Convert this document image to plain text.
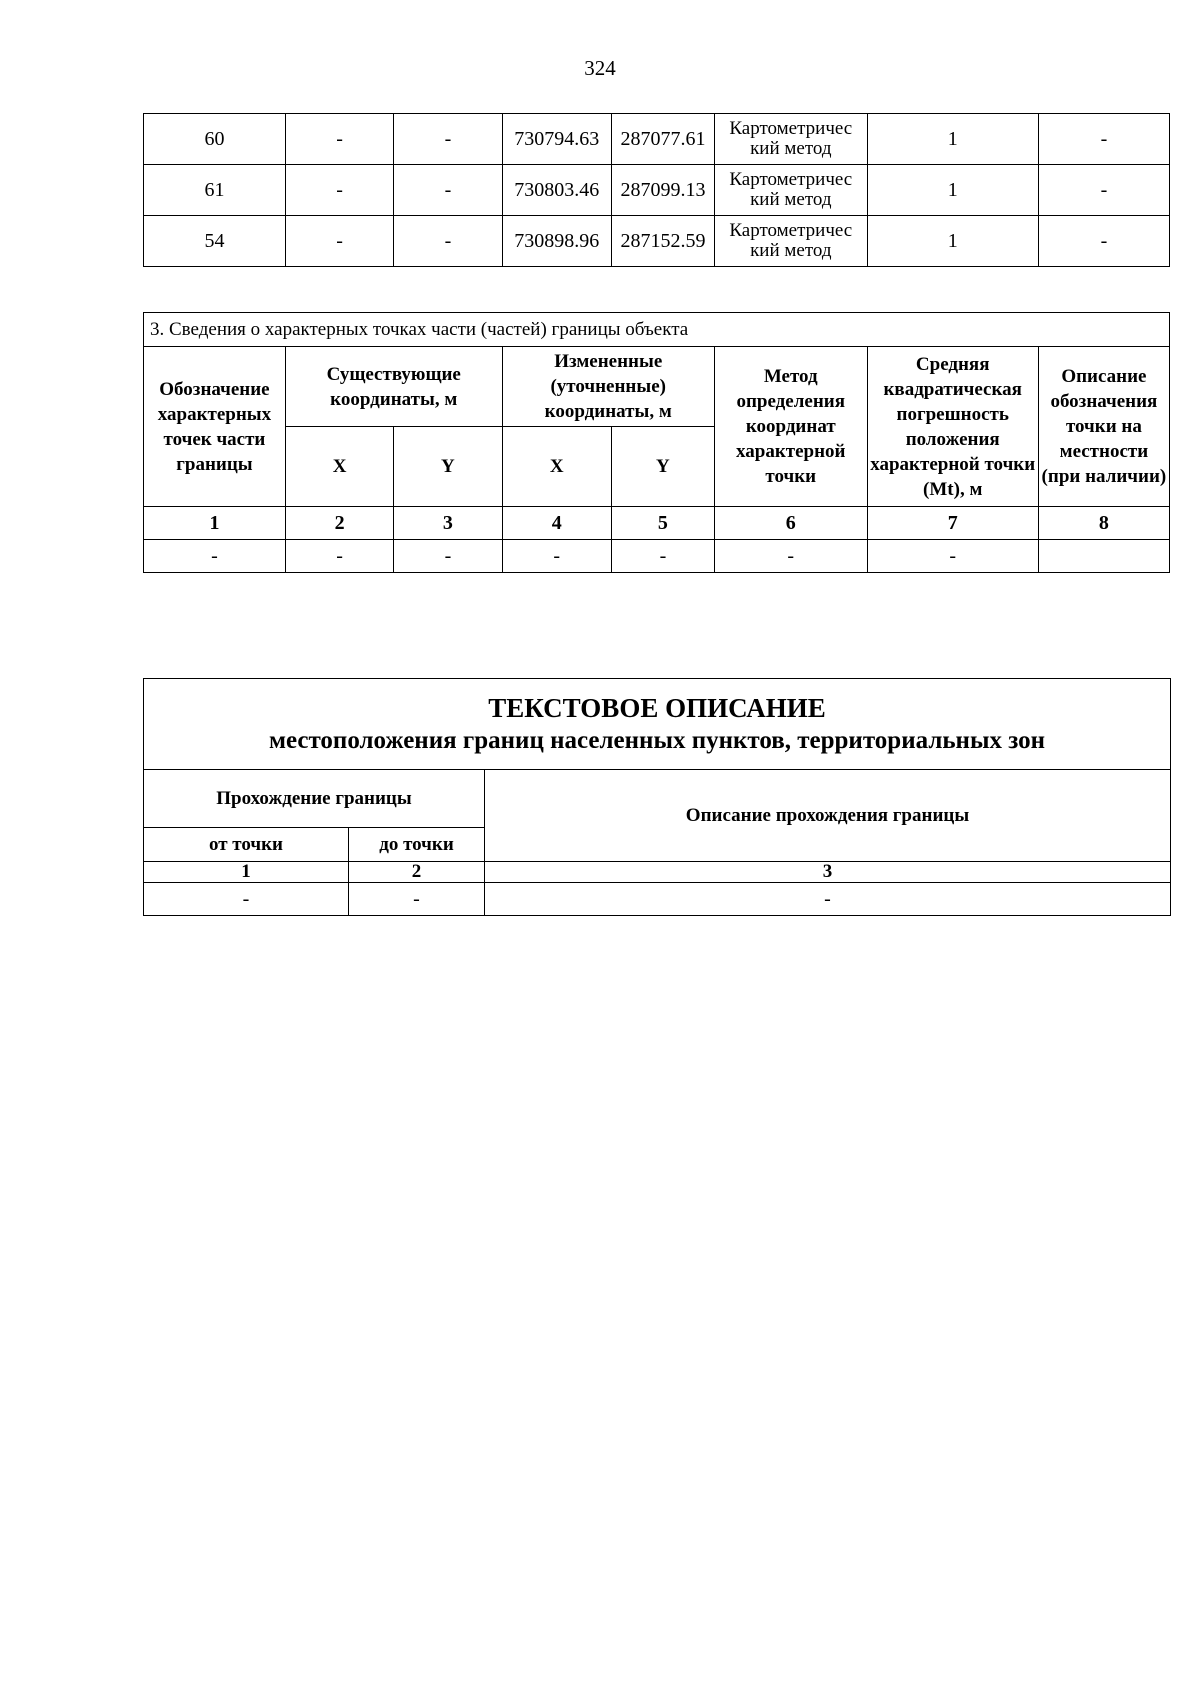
324
60	-	-	730794.63	287077.61	Картометричес кий метод	1	-
61	-	-	730803.46	287099.13	Картометричес кий метод	1	-
54	-	-	730898.96	287152.59	Картометричес кий метод	1	-
3. Сведения о характерных точках части (частей) границы объекта							
Обозначение характерных точек части границы	Существующие координаты, м		Измененные (уточненные) координаты, м		Метод определения координат характерной точки	Средняя квадратическая погрешность положения характерной точки (Mt), м	Описание обозначения точки на местности (при наличии)
	X	Y	X	Y			
1	2	3	4	5	6	7	8
-	-	-	-	-	-	-	
ТЕКСТОВОЕ ОПИСАНИЕ
местоположения границ населенных пунктов, территориальных зон		

Прохождение границы		Описание прохождения границы
от точки	до точки	
1	2	3
-	-	-
